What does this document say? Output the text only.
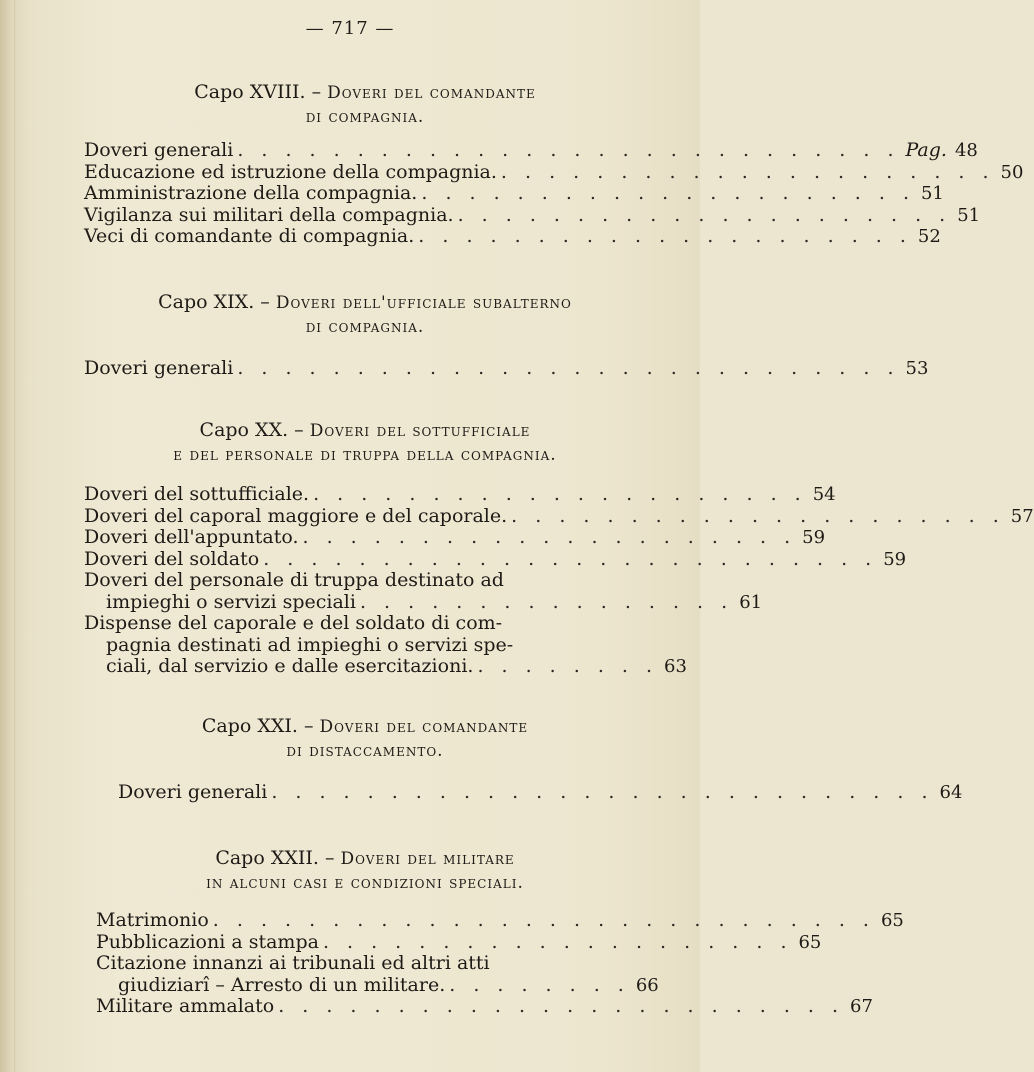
— 717 —
Capo XVIII. – Doveri del comandante
di compagnia.
Doveri generali . . . . . . . . . . . . . . . . . . . . . . . . . . . . Pag. 48
Educazione ed istruzione della compagnia. . . . . . . . . . . . . . . . . . . . . . 50
Amministrazione della compagnia. . . . . . . . . . . . . . . . . . . . . . 51
Vigilanza sui militari della compagnia. . . . . . . . . . . . . . . . . . . . . . 51
Veci di comandante di compagnia. . . . . . . . . . . . . . . . . . . . . . 52
Capo XIX. – Doveri dell'ufficiale subalterno
di compagnia.
Doveri generali . . . . . . . . . . . . . . . . . . . . . . . . . . . . 53
Capo XX. – Doveri del sottufficiale
e del personale di truppa della compagnia.
Doveri del sottufficiale. . . . . . . . . . . . . . . . . . . . . . 54
Doveri del caporal maggiore e del caporale. . . . . . . . . . . . . . . . . . . . . . 57
Doveri dell'appuntato. . . . . . . . . . . . . . . . . . . . . . 59
Doveri del soldato . . . . . . . . . . . . . . . . . . . . . . . . . . 59
Doveri del personale di truppa destinato ad
impieghi o servizi speciali . . . . . . . . . . . . . . . . 61
Dispense del caporale e del soldato di com-
pagnia destinati ad impieghi o servizi spe-
ciali, dal servizio e dalle esercitazioni. . . . . . . . . 63
Capo XXI. – Doveri del comandante
di distaccamento.
Doveri generali . . . . . . . . . . . . . . . . . . . . . . . . . . . . 64
Capo XXII. – Doveri del militare
in alcuni casi e condizioni speciali.
Matrimonio . . . . . . . . . . . . . . . . . . . . . . . . . . . . 65
Pubblicazioni a stampa . . . . . . . . . . . . . . . . . . . . 65
Citazione innanzi ai tribunali ed altri atti
giudiziarî – Arresto di un militare. . . . . . . . . 66
Militare ammalato . . . . . . . . . . . . . . . . . . . . . . . . 67
